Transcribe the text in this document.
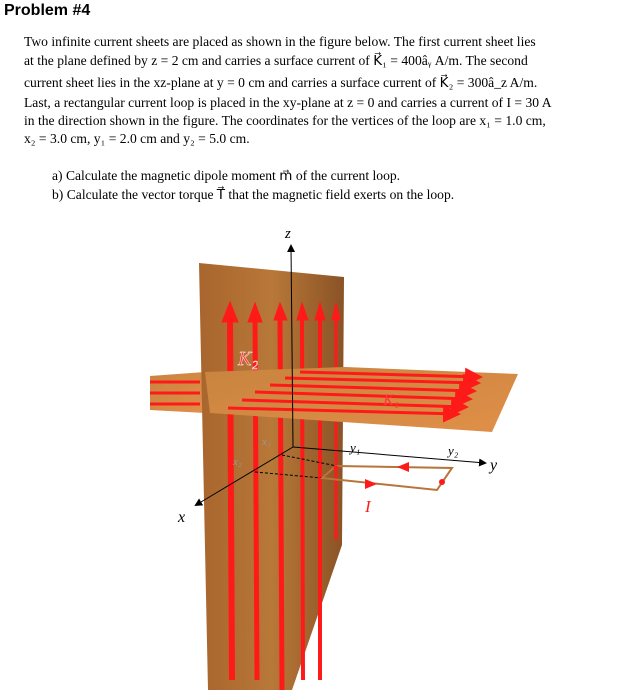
Problem #4
Two infinite current sheets are placed as shown in the figure below. The first current sheet lies
at the plane defined by z = 2 cm and carries a surface current of K⃗₁ = 400âᵧ A/m. The second
current sheet lies in the xz-plane at y = 0 cm and carries a surface current of K⃗₂ = 300â_z A/m.
Last, a rectangular current loop is placed in the xy-plane at z = 0 and carries a current of I = 30 A
in the direction shown in the figure. The coordinates for the vertices of the loop are x₁ = 1.0 cm,
x₂ = 3.0 cm, y₁ = 2.0 cm and y₂ = 5.0 cm.
a) Calculate the magnetic dipole moment m⃗ of the current loop.
b) Calculate the vector torque T⃗ that the magnetic field exerts on the loop.
z
y
x
K₂
K₁
x₁
x₂
y₁	y₂
I
